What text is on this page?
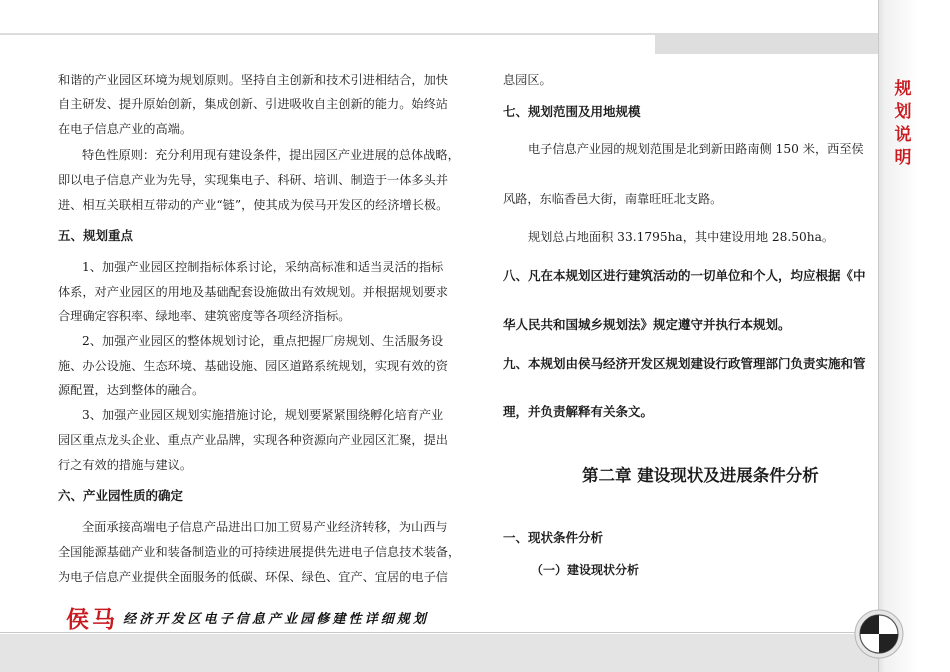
规
划
说
明
和谐的产业园区环境为规划原则。坚持自主创新和技术引进相结合，加快
自主研发、提升原始创新，集成创新、引进吸收自主创新的能力。始终站
在电子信息产业的高端。
特色性原则：充分利用现有建设条件，提出园区产业进展的总体战略，
即以电子信息产业为先导，实现集电子、科研、培训、制造于一体多头并
进、相互关联相互带动的产业“链”，使其成为侯马开发区的经济增长极。
五、规划重点
1、加强产业园区控制指标体系讨论，采纳高标准和适当灵活的指标
体系，对产业园区的用地及基础配套设施做出有效规划。并根据规划要求
合理确定容积率、绿地率、建筑密度等各项经济指标。
2、加强产业园区的整体规划讨论，重点把握厂房规划、生活服务设
施、办公设施、生态环境、基础设施、园区道路系统规划，实现有效的资
源配置，达到整体的融合。
3、加强产业园区规划实施措施讨论，规划要紧紧围绕孵化培育产业
园区重点龙头企业、重点产业品牌，实现各种资源向产业园区汇聚，提出
行之有效的措施与建议。
六、产业园性质的确定
全面承接高端电子信息产品进出口加工贸易产业经济转移，为山西与
全国能源基础产业和装备制造业的可持续进展提供先进电子信息技术装备，
为电子信息产业提供全面服务的低碳、环保、绿色、宜产、宜居的电子信
息园区。
七、规划范围及用地规模
电子信息产业园的规划范围是北到新田路南侧 150 米，西至侯
风路，东临香邑大街，南靠旺旺北支路。
规划总占地面积 33.1795ha，其中建设用地 28.50ha。
八、凡在本规划区进行建筑活动的一切单位和个人，均应根据《中
华人民共和国城乡规划法》规定遵守并执行本规划。
九、本规划由侯马经济开发区规划建设行政管理部门负责实施和管
理，并负责解释有关条文。
第二章 建设现状及进展条件分析
一、现状条件分析
（一）建设现状分析
侯马 经济开发区电子信息产业园修建性详细规划
